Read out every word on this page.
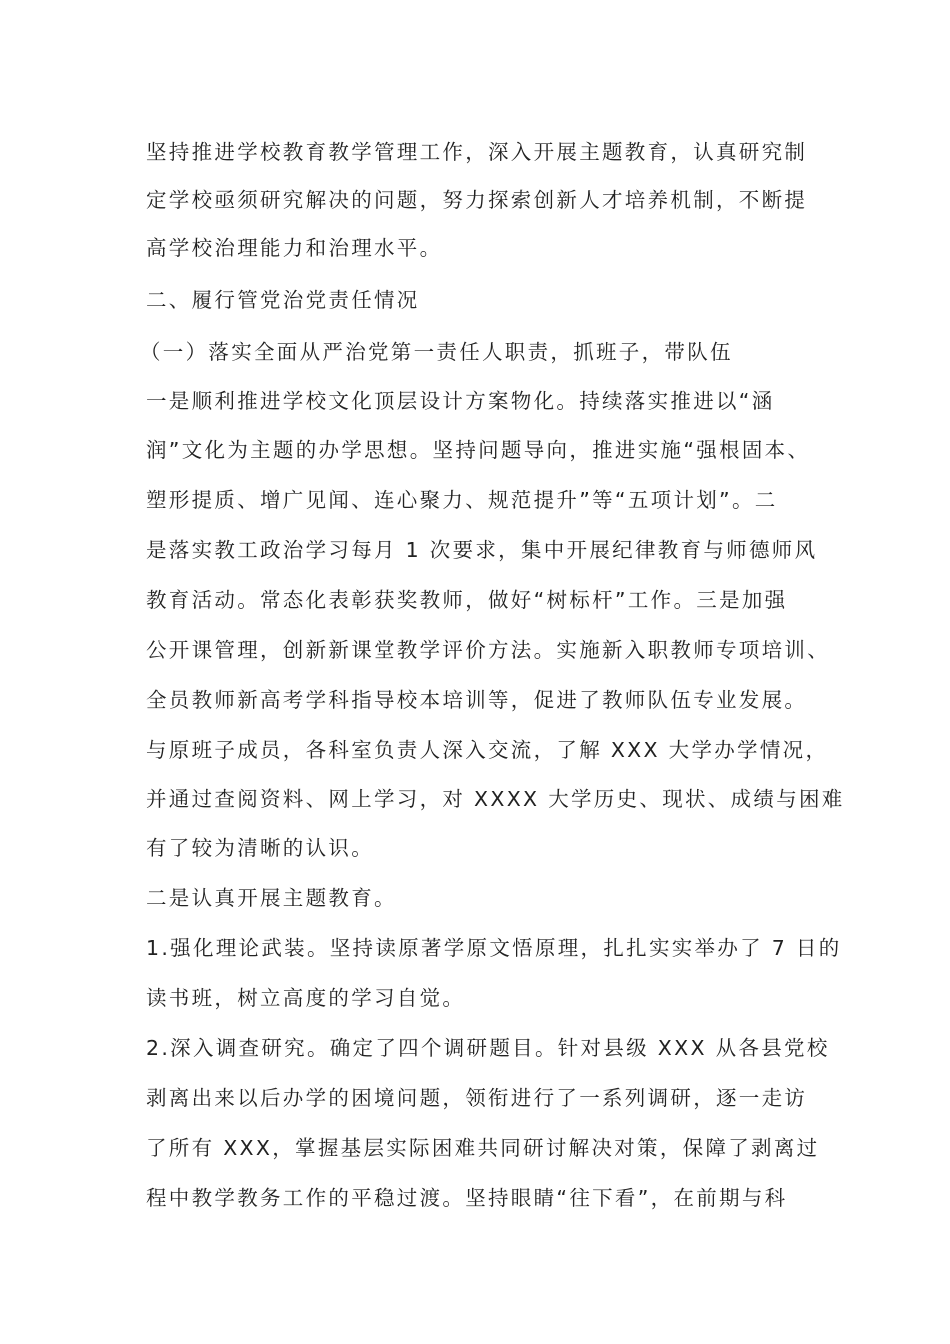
坚持推进学校教育教学管理工作，深入开展主题教育，认真研究制
定学校亟须研究解决的问题，努力探索创新人才培养机制，不断提
高学校治理能力和治理水平。
二、履行管党治党责任情况
（一）落实全面从严治党第一责任人职责，抓班子，带队伍
一是顺利推进学校文化顶层设计方案物化。持续落实推进以“涵
润”文化为主题的办学思想。坚持问题导向，推进实施“强根固本、
塑形提质、增广见闻、连心聚力、规范提升”等“五项计划”。二
是落实教工政治学习每月 1 次要求，集中开展纪律教育与师德师风
教育活动。常态化表彰获奖教师，做好“树标杆”工作。三是加强
公开课管理，创新新课堂教学评价方法。实施新入职教师专项培训、
全员教师新高考学科指导校本培训等，促进了教师队伍专业发展。
与原班子成员，各科室负责人深入交流，了解 XXX 大学办学情况，
并通过查阅资料、网上学习，对 XXXX 大学历史、现状、成绩与困难
有了较为清晰的认识。
二是认真开展主题教育。
1.强化理论武装。坚持读原著学原文悟原理，扎扎实实举办了 7 日的
读书班，树立高度的学习自觉。
2.深入调查研究。确定了四个调研题目。针对县级 XXX 从各县党校
剥离出来以后办学的困境问题，领衔进行了一系列调研，逐一走访
了所有 XXX，掌握基层实际困难共同研讨解决对策，保障了剥离过
程中教学教务工作的平稳过渡。坚持眼睛“往下看”，在前期与科
